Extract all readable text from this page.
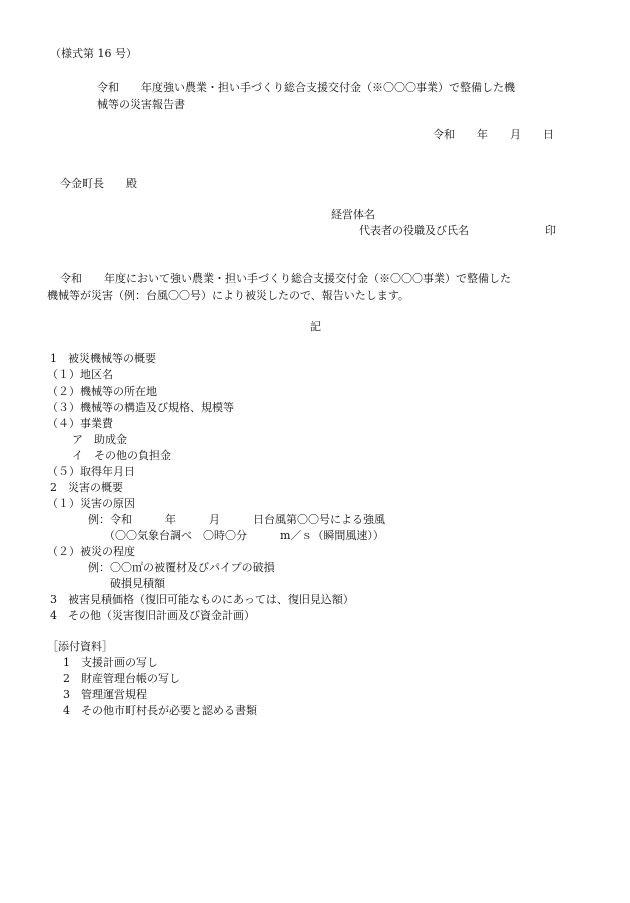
（様式第 16 号）
令和　　年度強い農業・担い手づくり総合支援交付金（※〇〇〇事業）で整備した機
械等の災害報告書
令和　　年　　月　　日
今金町長　　殿
経営体名
代表者の役職及び氏名	印
令和　　年度において強い農業・担い手づくり総合支援交付金（※〇〇〇事業）で整備した
機械等が災害（例：台風〇〇号）により被災したので、報告いたします。
記
1　被災機械等の概要
（１）地区名
（２）機械等の所在地
（３）機械等の構造及び規格、規模等
（４）事業費
ア　助成金
イ　その他の負担金
（５）取得年月日
2　災害の概要
（１）災害の原因
例：令和　　　年　　　月　　　日台風第〇〇号による強風
（〇〇気象台調べ　〇時〇分　　　m／ｓ（瞬間風速））
（２）被災の程度
例：〇〇㎡の被覆材及びパイプの破損
破損見積額
3　被害見積価格（復旧可能なものにあっては、復旧見込額）
4　その他（災害復旧計画及び資金計画）
［添付資料］
1　支援計画の写し
2　財産管理台帳の写し
3　管理運営規程
4　その他市町村長が必要と認める書類
